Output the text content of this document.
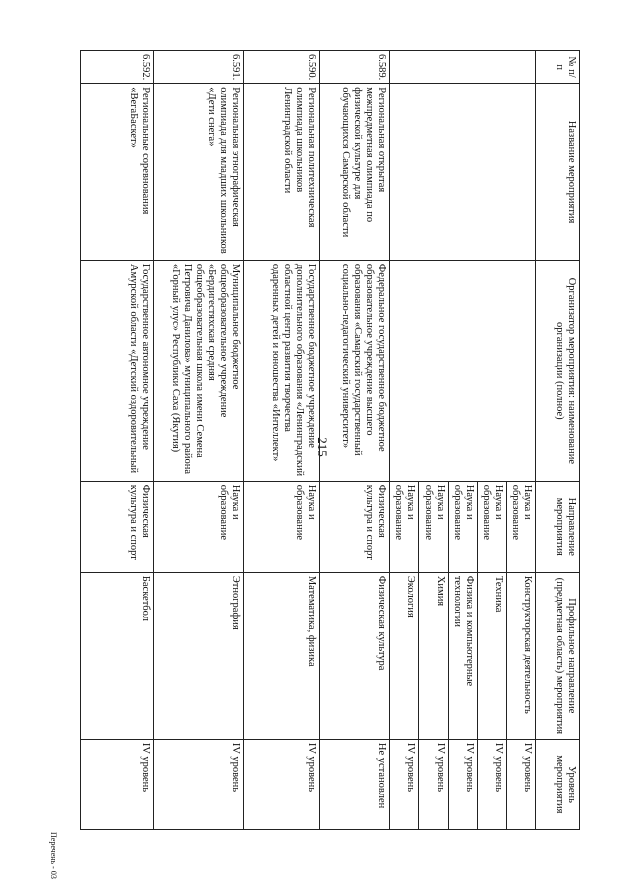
215
№ п/п	Название мероприятия	Организатор мероприятия: наименование организации (полное)	Направление мероприятия	Профильное направление (предметная область) мероприятия	Уровень мероприятия
			Наука и образование	Конструкторская деятельность	IV уровень
			Наука и образование	Техника	IV уровень
			Наука и образование	Физика и компьютерные технологии	IV уровень
			Наука и образование	Химия	IV уровень
			Наука и образование	Экология	IV уровень
6.589.	Региональная открытая межпредметная олимпиада по физической культуре для обучающихся Самарской области	Федеральное государственное бюджетное образовательное учреждение высшего образования «Самарский государственный социально-педагогический университет»	Физическая культура и спорт	Физическая культура	Не установлен
6.590.	Региональная политехническая олимпиада школьников Ленинградской области	Государственное бюджетное учреждение дополнительного образования «Ленинградский областной центр развития творчества одаренных детей и юношества «Интеллект»	Наука и образование	Математика, физика	IV уровень
6.591.	Региональная этнографическая олимпиада для младших школьников «Дети снега»	Муниципальное бюджетное общеобразовательное учреждение «Бердигестяхская средняя общеобразовательная школа имени Семена Петровича Данилова» муниципального района «Горный улус» Республики Саха (Якутия)	Наука и образование	Этнография	IV уровень
6.592.	Региональные соревнования «ВегаБаскет»	Государственное автономное учреждение Амурской области «Детский оздоровительный	Физическая культура и спорт	Баскетбол	IV уровень
Перечень - 03
